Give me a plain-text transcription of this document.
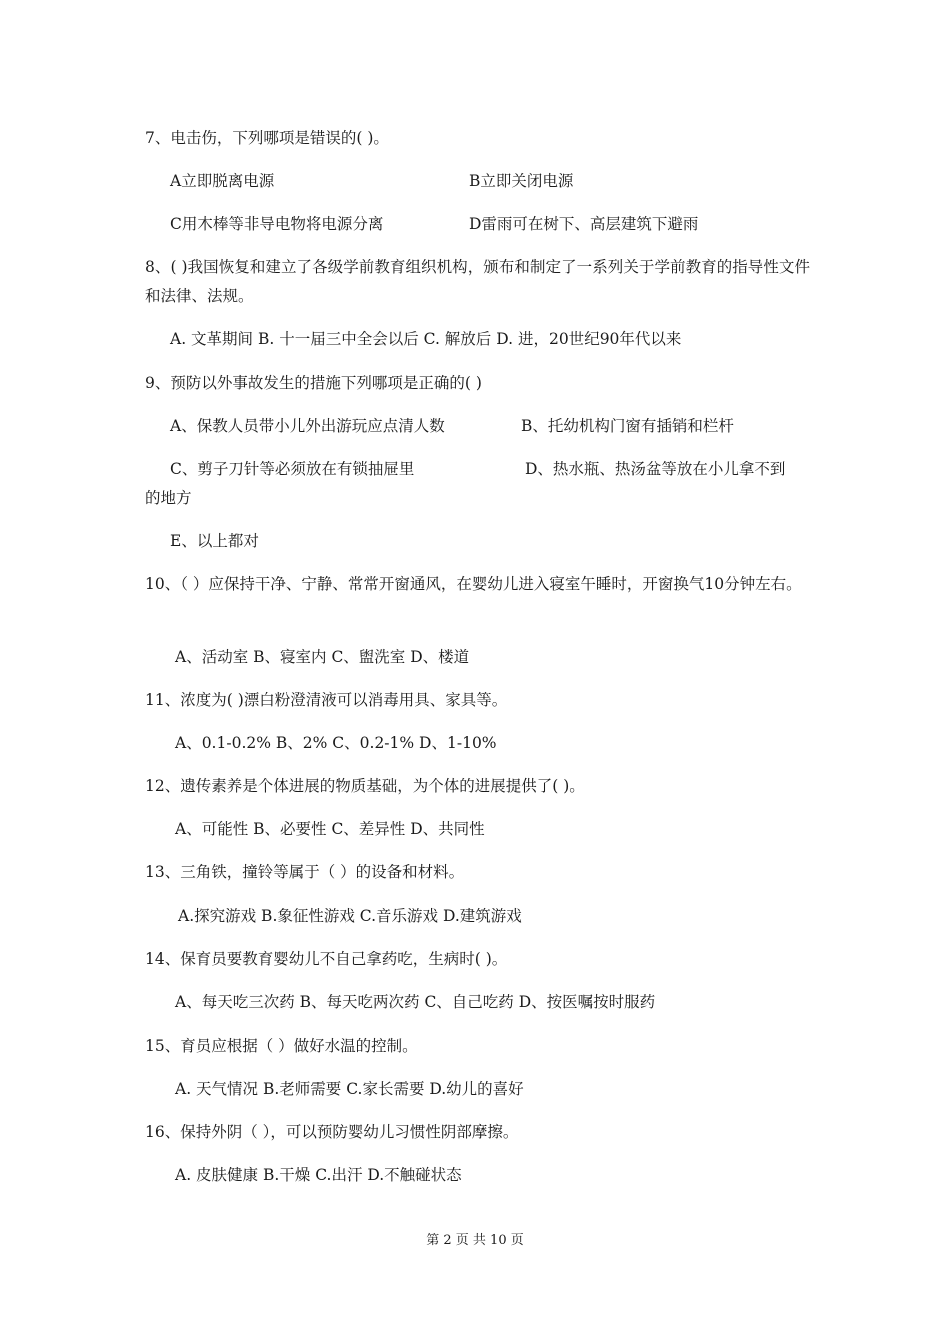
7、电击伤，下列哪项是错误的( )。
A立即脱离电源	B立即关闭电源
C用木棒等非导电物将电源分离	D雷雨可在树下、高层建筑下避雨
8、( )我国恢复和建立了各级学前教育组织机构，颁布和制定了一系列关于学前教育的指导性文件和法律、法规。
A. 文革期间 B. 十一届三中全会以后 C. 解放后 D. 进，20世纪90年代以来
9、预防以外事故发生的措施下列哪项是正确的( )
A、保教人员带小儿外出游玩应点清人数	B、托幼机构门窗有插销和栏杆
C、剪子刀针等必须放在有锁抽屉里	D、热水瓶、热汤盆等放在小儿拿不到
的地方
E、以上都对
10、（ ）应保持干净、宁静、常常开窗通风，在婴幼儿进入寝室午睡时，开窗换气10分钟左右。
A、活动室 B、寝室内 C、盥洗室 D、楼道
11、浓度为( )漂白粉澄清液可以消毒用具、家具等。
A、0.1-0.2% B、2% C、0.2-1% D、1-10%
12、遗传素养是个体进展的物质基础，为个体的进展提供了( )。
A、可能性 B、必要性 C、差异性 D、共同性
13、三角铁，撞铃等属于（ ）的设备和材料。
A.探究游戏 B.象征性游戏 C.音乐游戏 D.建筑游戏
14、保育员要教育婴幼儿不自己拿药吃，生病时( )。
A、每天吃三次药 B、每天吃两次药 C、自己吃药 D、按医嘱按时服药
15、育员应根据（ ）做好水温的控制。
A. 天气情况 B.老师需要 C.家长需要 D.幼儿的喜好
16、保持外阴（ ），可以预防婴幼儿习惯性阴部摩擦。
A. 皮肤健康 B.干燥 C.出汗 D.不触碰状态
第 2 页 共 10 页
